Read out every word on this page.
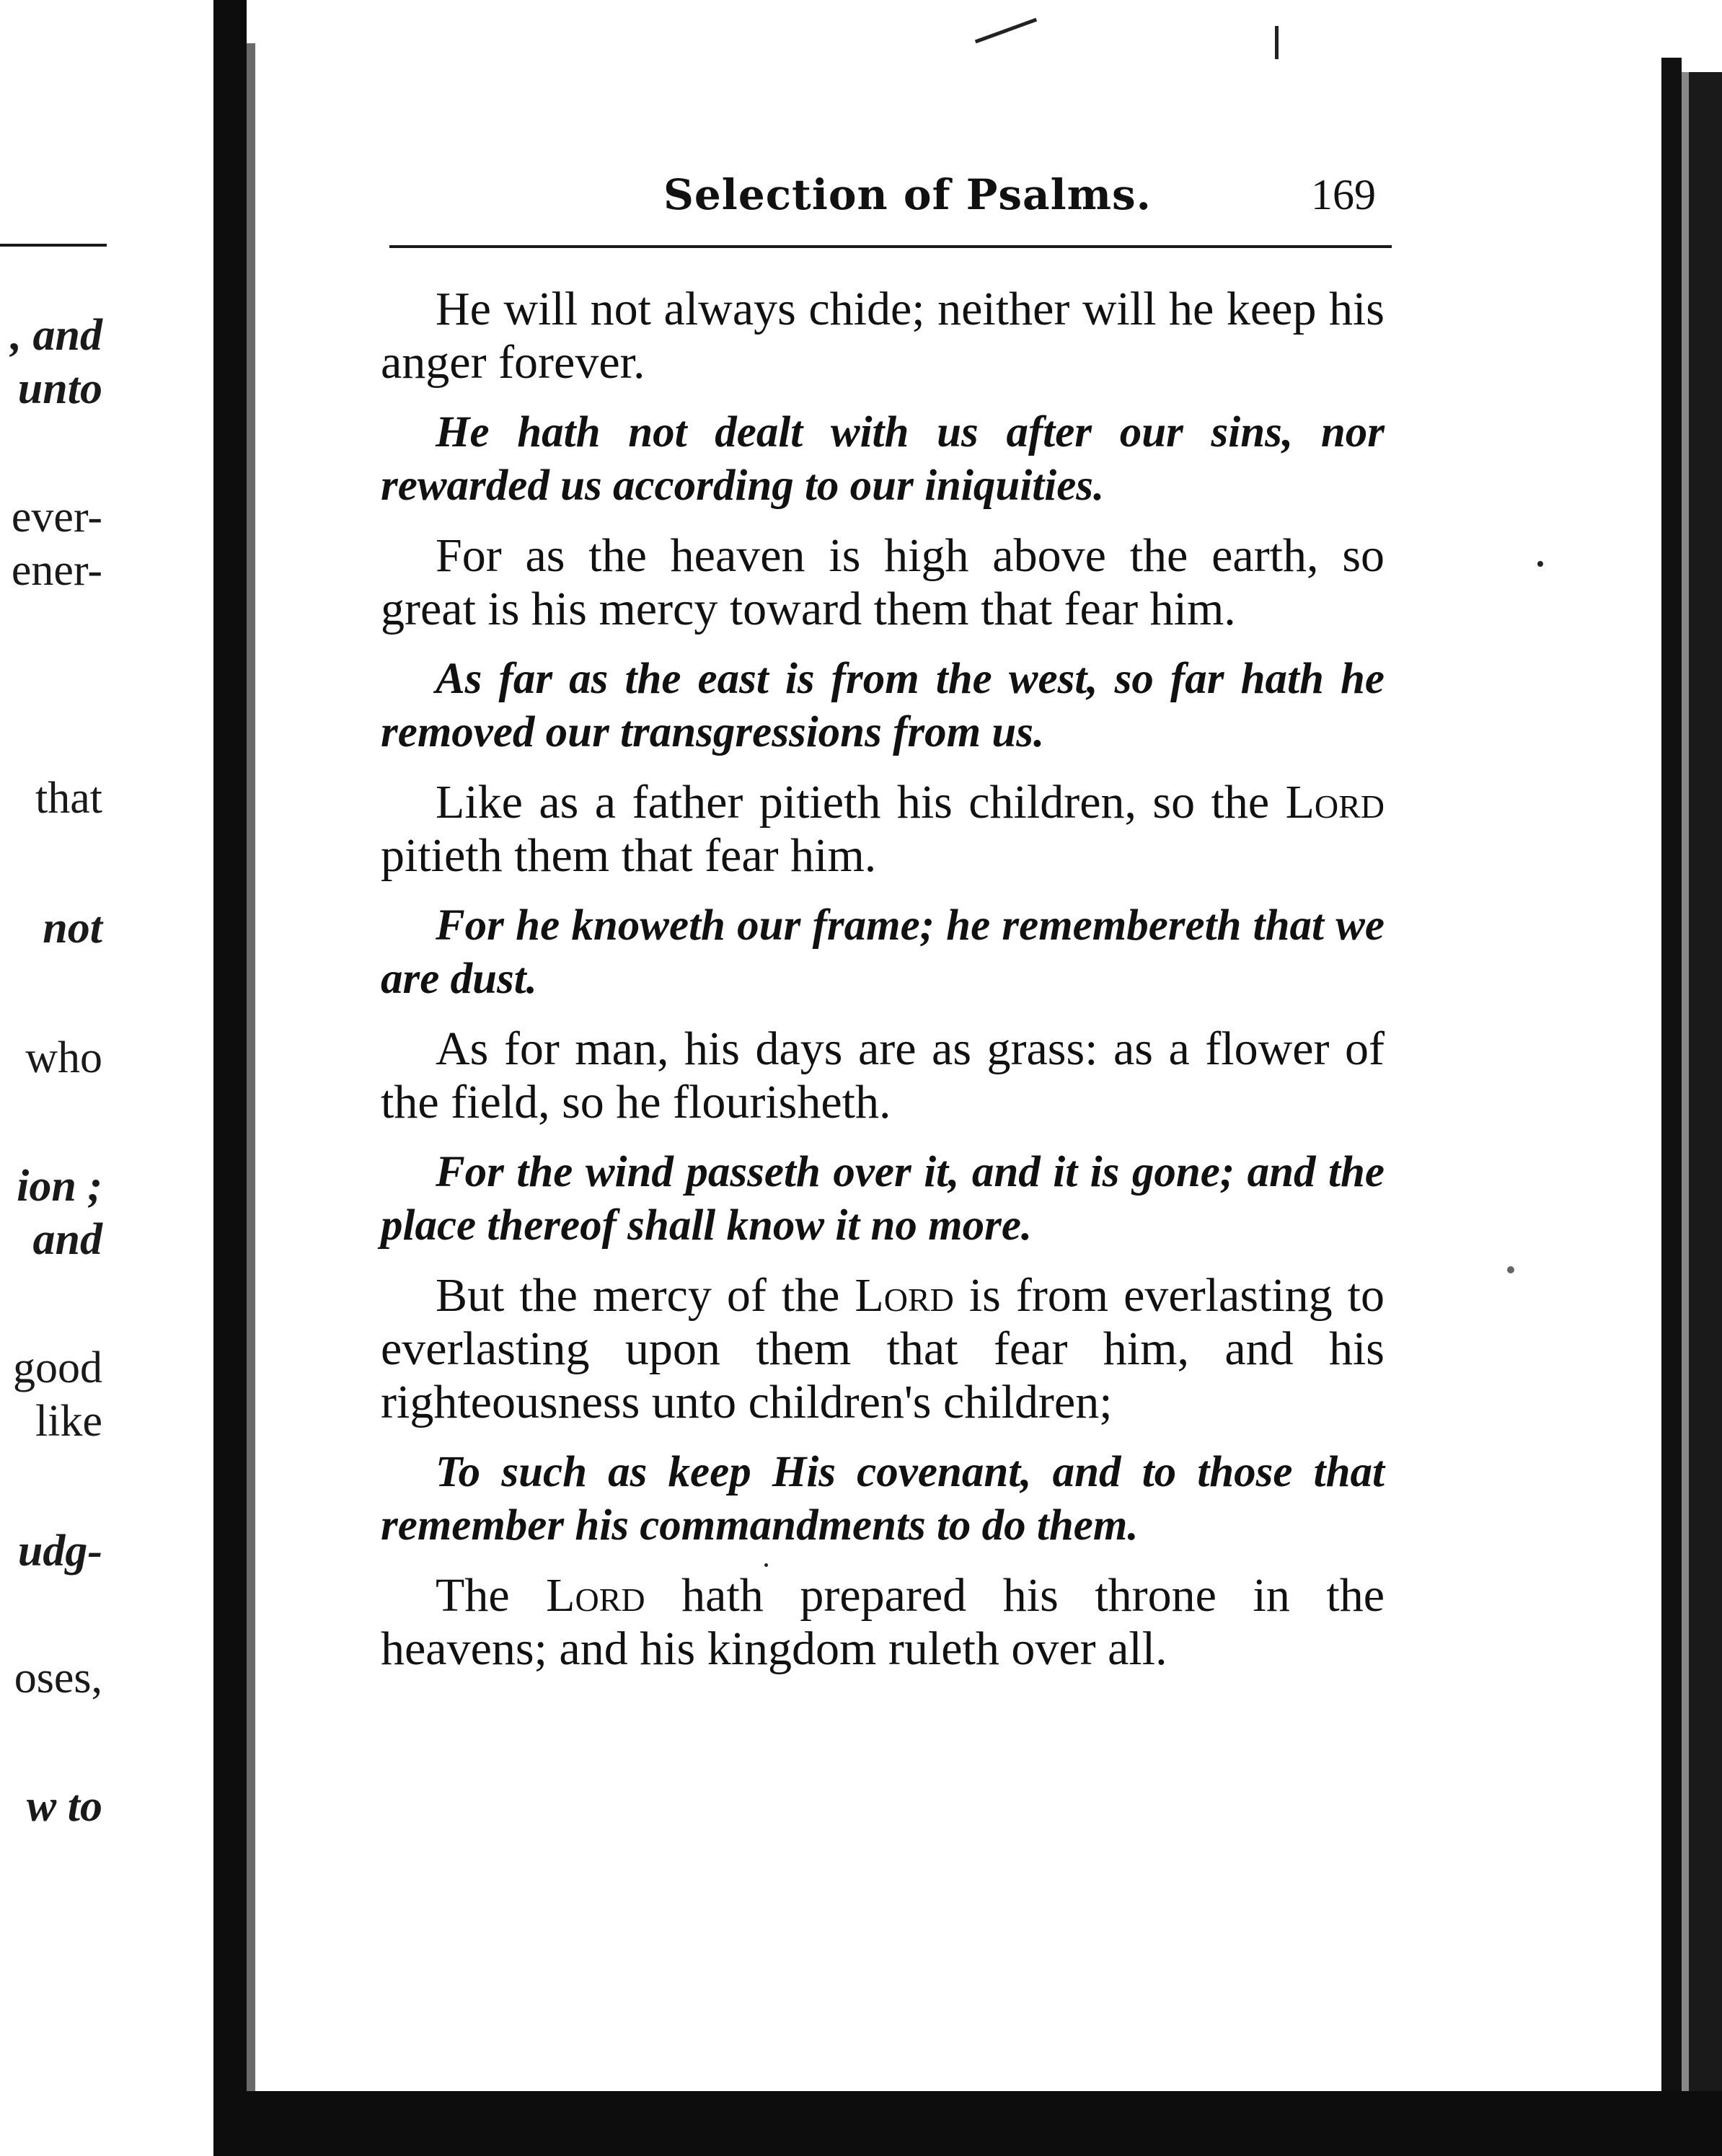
, and
unto
ever-
ener-
that
not
who
ion ;
and
good
like
udg-
oses,
w to
Selection of Psalms.	169

He will not always chide; neither will he keep his anger forever.

He hath not dealt with us after our sins, nor rewarded us according to our iniquities.

For as the heaven is high above the earth, so great is his mercy toward them that fear him.

As far as the east is from the west, so far hath he removed our transgressions from us.

Like as a father pitieth his children, so the Lord pitieth them that fear him.

For he knoweth our frame; he remembereth that we are dust.

As for man, his days are as grass: as a flower of the field, so he flourisheth.

For the wind passeth over it, and it is gone; and the place thereof shall know it no more.

But the mercy of the Lord is from everlasting to everlasting upon them that fear him, and his righteousness unto children's children;

To such as keep His covenant, and to those that remember his commandments to do them.

The Lord hath prepared his throne in the heavens; and his kingdom ruleth over all.
